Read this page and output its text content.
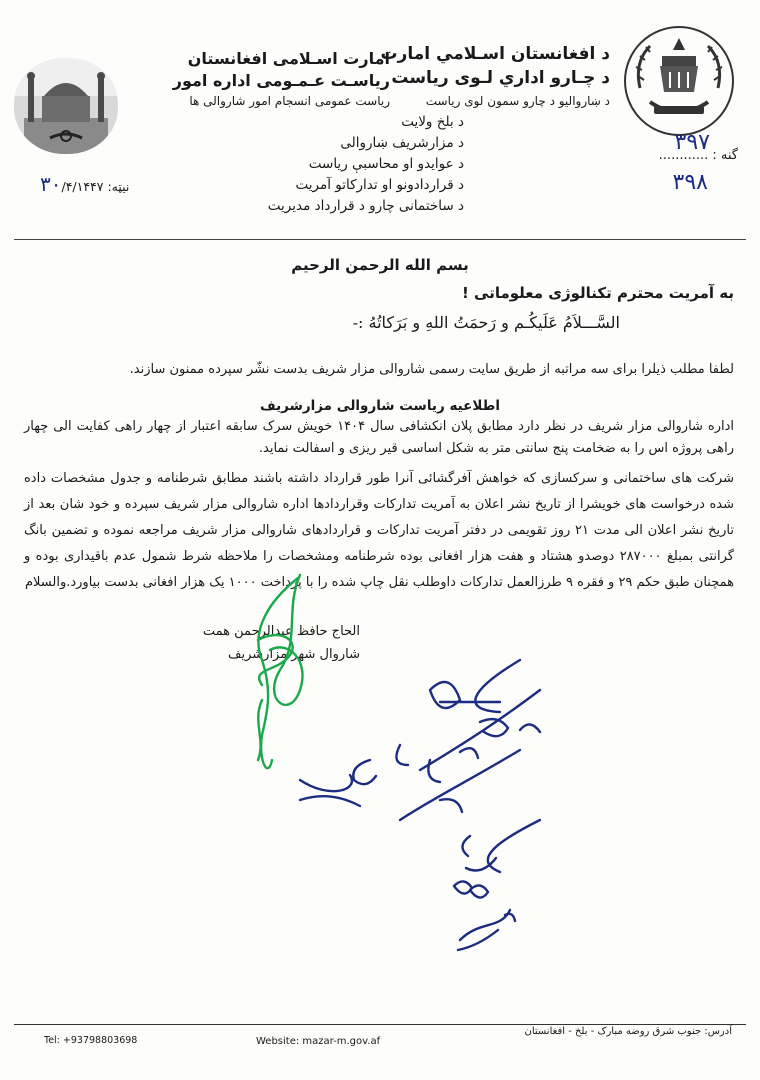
د افغانستان اسـلامي امارت
د چـارو اداري لـوی ریاست
د ښاروالیو د چارو سمون لوی ریاست
امارت اسـلامی افغانستان
ریاسـت عـمـومی اداره امور
ریاست عمومی انسجام امور شاروالی ها
د بلخ ولایت
د مزارشریف ښاروالی
د عوایدو او محاسبې ریاست
د قراردادونو او تدارکاتو آمریت
د ساختمانی چارو د قرارداد مدیریت
گنه : ............
۳۹۷
۳۹۸
نیټه: ۳۰/۴/۱۴۴۷
بسم الله الرحمن الرحیم
به آمریت محترم تکنالوژی معلوماتی !
السَّـــلاَمُ عَلَيكُـم و رَحمَتُ اللهِ و بَرَكاتُهُ :-
لطفا مطلب ذیلرا برای سه مراتبه از طریق سایت رسمی شاروالی مزار شریف بدست نشّر سپرده ممنون سازند.
اطلاعیه ریاست شاروالی مزارشریف
اداره شاروالی مزار شریف در نظر دارد مطابق پلان انکشافی سال ۱۴۰۴ خویش سرک سابقه اعتبار از چهار راهی کفایت الی چهار راهی پروژه اس را به ضخامت پنج سانتی متر به شکل اساسی قیر ریزی و اسفالت نماید.
شرکت های ساختمانی و سرکسازی که خواهش آفرگشائی آنرا طور قرارداد داشته باشند مطابق شرطنامه و جدول مشخصات داده شده درخواست های خویشرا از تاریخ نشر اعلان به آمریت تدارکات وقراردادها اداره شاروالی مزار شریف سپرده و خود شان بعد از تاریخ نشر اعلان الی مدت ۲۱ روز تقویمی در دفتر آمریت تدارکات و قراردادهای شاروالی مزار شریف مراجعه نموده و تضمین بانگ گرانتی بمبلغ ۲۸۷۰۰۰ دوصدو هشتاد و هفت هزار افغانی بوده شرطنامه ومشخصات را ملاحظه شرط شمول عدم باقیداری بوده و همچنان طبق حکم ۲۹ و فقره ۹ طرزالعمل تدارکات داوطلب نقل چاپ شده را با پرداخت ۱۰۰۰ یک هزار افغانی بدست بیاورد.والسلام
الحاج حافظ عبدالرحمن همت
شاروال شهر مزارشریف
آدرس: جنوب شرق روضه مبارک - بلخ - افغانستان
Website: mazar-m.gov.af
Tel: +93798803698
